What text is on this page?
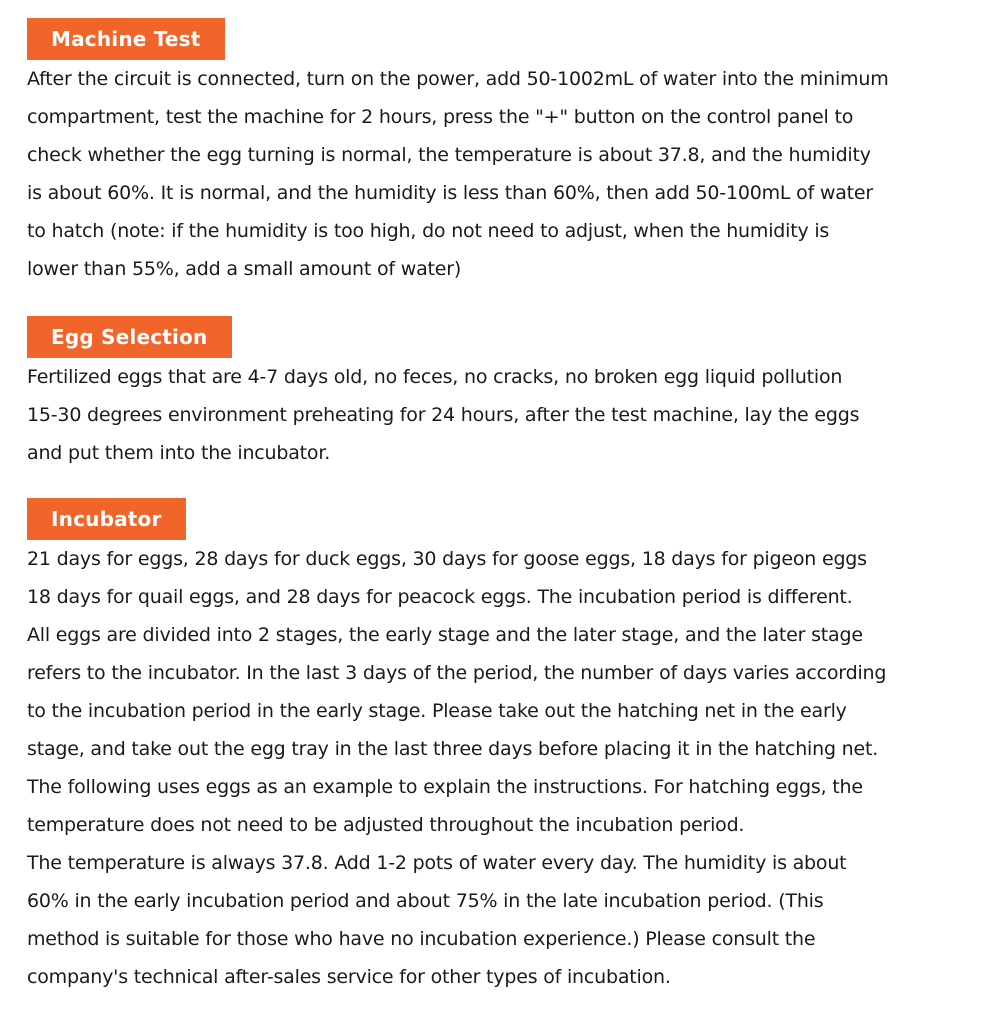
Machine Test
After the circuit is connected, turn on the power, add 50-1002mL of water into the minimum
compartment, test the machine for 2 hours, press the "+" button on the control panel to
check whether the egg turning is normal, the temperature is about 37.8, and the humidity
is about 60%. It is normal, and the humidity is less than 60%, then add 50-100mL of water
to hatch (note: if the humidity is too high, do not need to adjust, when the humidity is
lower than 55%, add a small amount of water)
Egg Selection
Fertilized eggs that are 4-7 days old, no feces, no cracks, no broken egg liquid pollution
15-30 degrees environment preheating for 24 hours, after the test machine, lay the eggs
and put them into the incubator.
Incubator
21 days for eggs, 28 days for duck eggs, 30 days for goose eggs, 18 days for pigeon eggs
18 days for quail eggs, and 28 days for peacock eggs. The incubation period is different.
All eggs are divided into 2 stages, the early stage and the later stage, and the later stage
refers to the incubator. In the last 3 days of the period, the number of days varies according
to the incubation period in the early stage. Please take out the hatching net in the early
stage, and take out the egg tray in the last three days before placing it in the hatching net.
The following uses eggs as an example to explain the instructions. For hatching eggs, the
temperature does not need to be adjusted throughout the incubation period.
The temperature is always 37.8. Add 1-2 pots of water every day. The humidity is about
60% in the early incubation period and about 75% in the late incubation period. (This
method is suitable for those who have no incubation experience.) Please consult the
company's technical after-sales service for other types of incubation.
